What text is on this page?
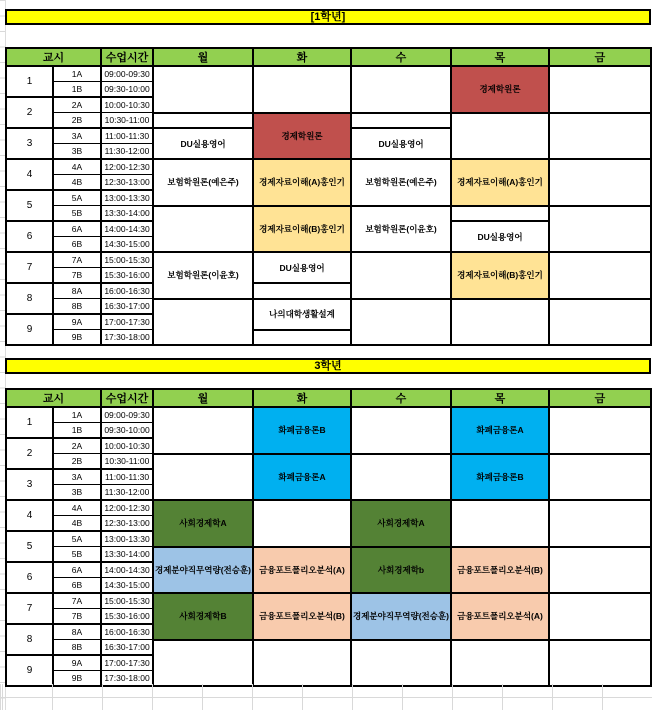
[1학년]
교시		수업시간	월	화	수	목	금
1	1A	09:00-09:30				경제학원론	
	1B	09:30-10:00					
2	2A	10:00-10:30					
	2B	10:30-11:00		경제학원론			
3	3A	11:00-11:30	DU실용영어		DU실용영어		
	3B	11:30-12:00					
4	4A	12:00-12:30	보험학원론(예은주)	경제자료이해(A)홍인기	보험학원론(예은주)	경제자료이해(A)홍인기	
	4B	12:30-13:00					
5	5A	13:00-13:30					
	5B	13:30-14:00		경제자료이해(B)홍인기	보험학원론(이윤호)		
6	6A	14:00-14:30				DU실용영어	
	6B	14:30-15:00					
7	7A	15:00-15:30	보험학원론(이윤호)	DU실용영어		경제자료이해(B)홍인기	
	7B	15:30-16:00					
8	8A	16:00-16:30					
	8B	16:30-17:00		나의대학생활설계			
9	9A	17:00-17:30					
	9B	17:30-18:00					
3학년
교시		수업시간	월	화	수	목	금
1	1A	09:00-09:30		화폐금융론B		화폐금융론A	
	1B	09:30-10:00					
2	2A	10:00-10:30					
	2B	10:30-11:00		화폐금융론A		화폐금융론B	
3	3A	11:00-11:30					
	3B	11:30-12:00					
4	4A	12:00-12:30	사회경제학A		사회경제학A		
	4B	12:30-13:00					
5	5A	13:00-13:30					
	5B	13:30-14:00	경제분야직무역량(전승훈)	금융포트폴리오분석(A)	사회경제학b	금융포트폴리오분석(B)	
6	6A	14:00-14:30					
	6B	14:30-15:00					
7	7A	15:00-15:30	사회경제학B	금융포트폴리오분석(B)	경제분야직무역량(전승훈)	금융포트폴리오분석(A)	
	7B	15:30-16:00					
8	8A	16:00-16:30					
	8B	16:30-17:00					
9	9A	17:00-17:30					
	9B	17:30-18:00					
